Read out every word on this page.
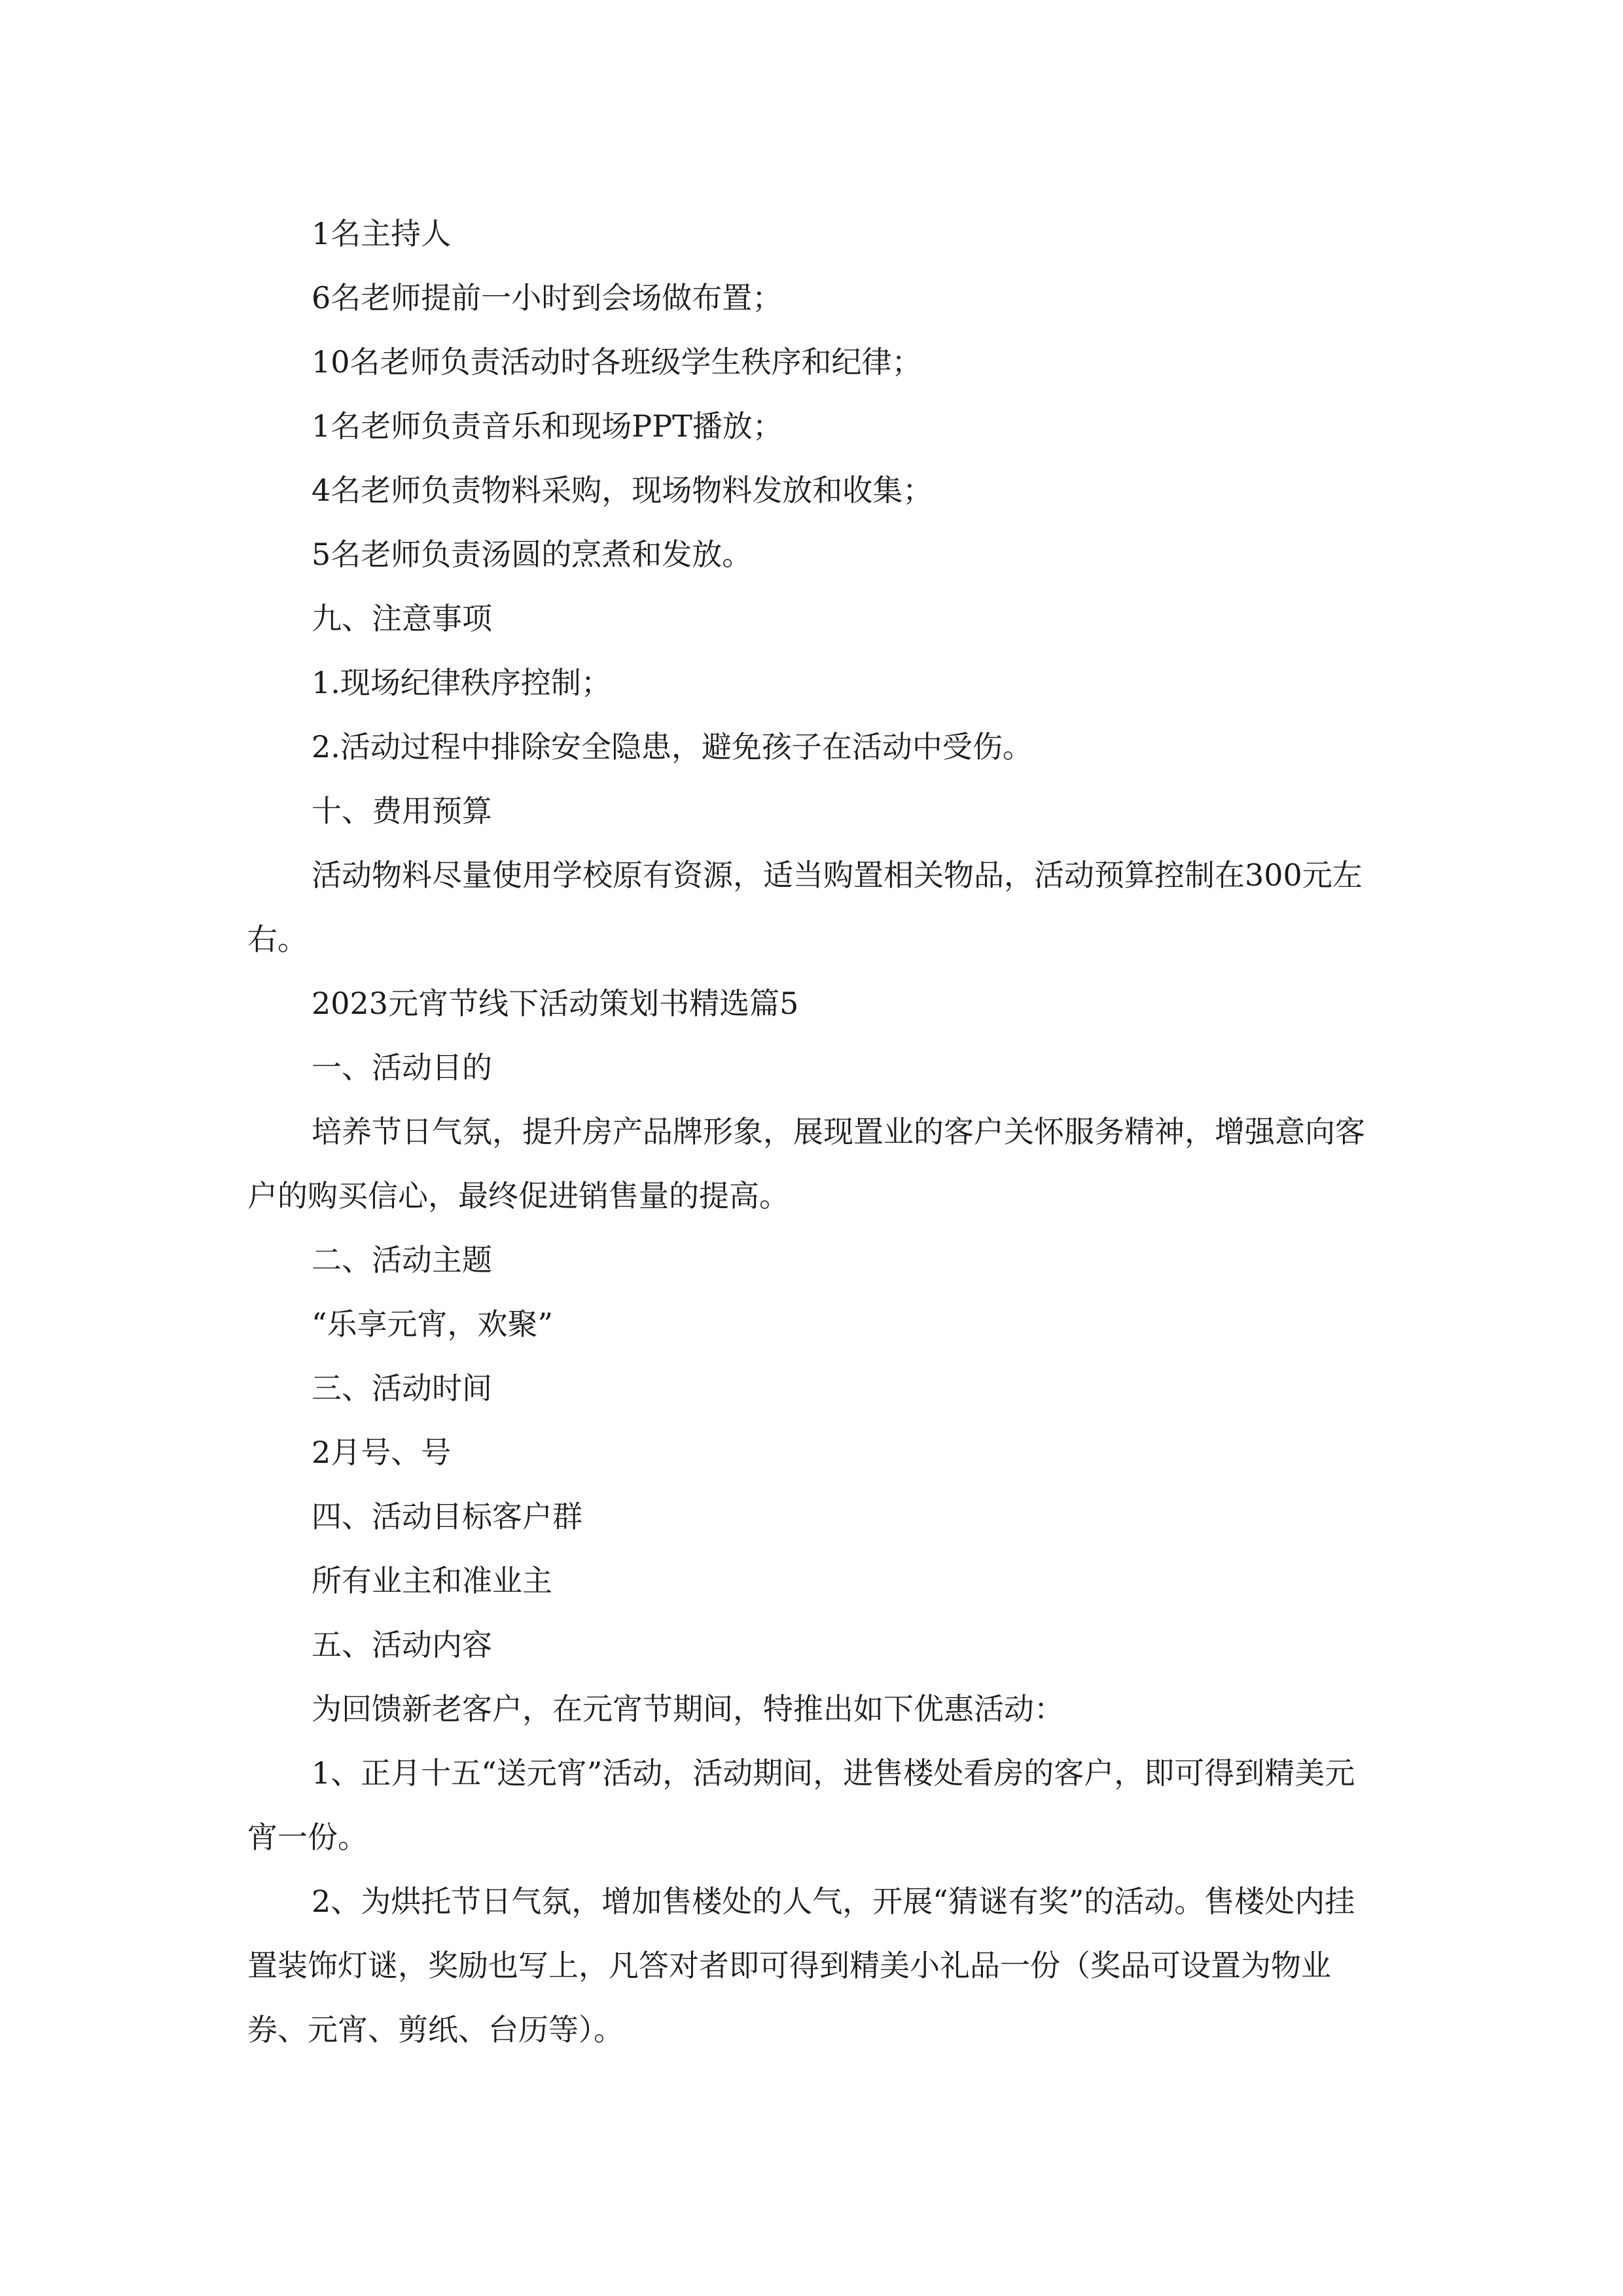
1名主持人

6名老师提前一小时到会场做布置；

10名老师负责活动时各班级学生秩序和纪律；

1名老师负责音乐和现场PPT播放；

4名老师负责物料采购，现场物料发放和收集；

5名老师负责汤圆的烹煮和发放。

九、注意事项

1.现场纪律秩序控制；

2.活动过程中排除安全隐患，避免孩子在活动中受伤。

十、费用预算

活动物料尽量使用学校原有资源，适当购置相关物品，活动预算控制在300元左右。

2023元宵节线下活动策划书精选篇5

一、活动目的

培养节日气氛，提升房产品牌形象，展现置业的客户关怀服务精神，增强意向客户的购买信心，最终促进销售量的提高。

二、活动主题

“乐享元宵，欢聚”

三、活动时间

2月号、号

四、活动目标客户群

所有业主和准业主

五、活动内容

为回馈新老客户，在元宵节期间，特推出如下优惠活动：

1、正月十五“送元宵”活动，活动期间，进售楼处看房的客户，即可得到精美元宵一份。

2、为烘托节日气氛，增加售楼处的人气，开展“猜谜有奖”的活动。售楼处内挂置装饰灯谜，奖励也写上，凡答对者即可得到精美小礼品一份（奖品可设置为物业券、元宵、剪纸、台历等）。
